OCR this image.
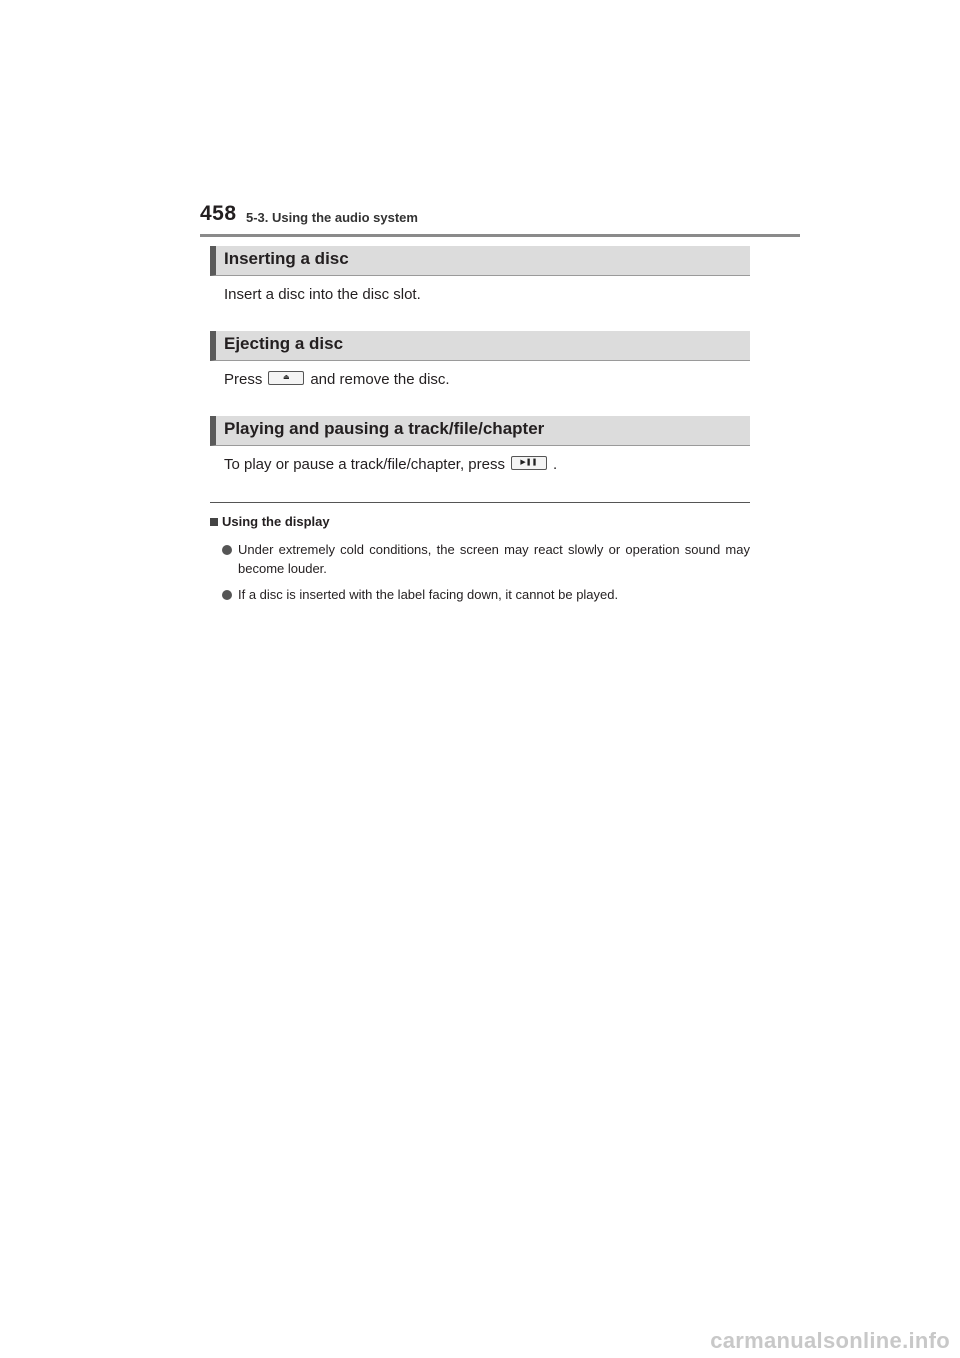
458 5-3. Using the audio system
Inserting a disc
Insert a disc into the disc slot.
Ejecting a disc
Press	⏏ and remove the disc.
Playing and pausing a track/file/chapter
To play or pause a track/file/chapter, press ▶❚❚ .
Using the display
Under extremely cold conditions, the screen may react slowly or operation sound may become louder.
If a disc is inserted with the label facing down, it cannot be played.
carmanualsonline.info
